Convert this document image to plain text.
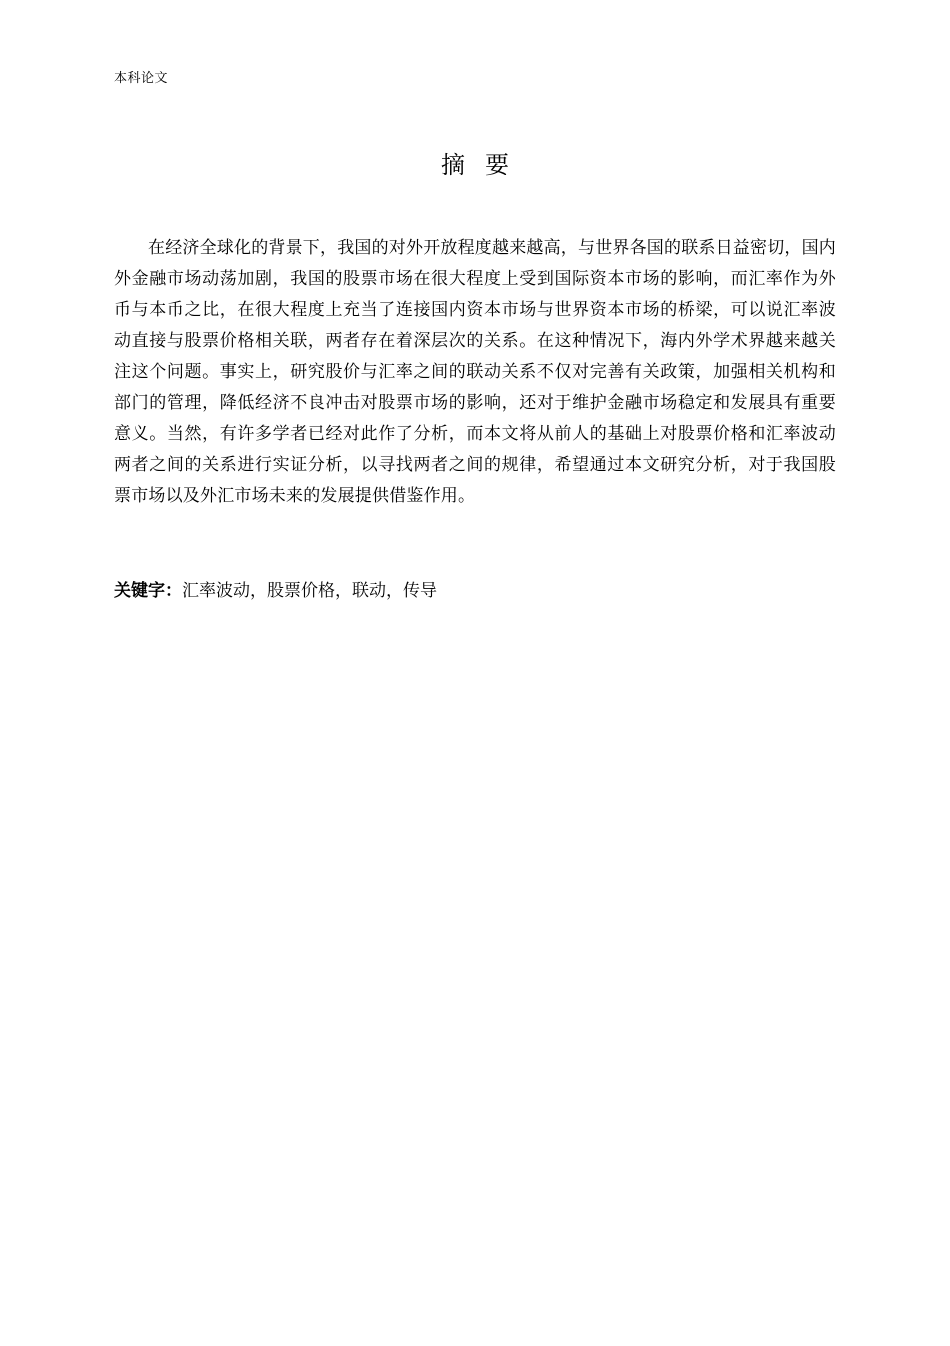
本科论文
摘要

在经济全球化的背景下，我国的对外开放程度越来越高，与世界各国的联系日益密切，国内外金融市场动荡加剧，我国的股票市场在很大程度上受到国际资本市场的影响，而汇率作为外币与本币之比，在很大程度上充当了连接国内资本市场与世界资本市场的桥梁，可以说汇率波动直接与股票价格相关联，两者存在着深层次的关系。在这种情况下，海内外学术界越来越关注这个问题。事实上，研究股价与汇率之间的联动关系不仅对完善有关政策，加强相关机构和部门的管理，降低经济不良冲击对股票市场的影响，还对于维护金融市场稳定和发展具有重要意义。当然，有许多学者已经对此作了分析，而本文将从前人的基础上对股票价格和汇率波动两者之间的关系进行实证分析，以寻找两者之间的规律，希望通过本文研究分析，对于我国股票市场以及外汇市场未来的发展提供借鉴作用。

关键字：汇率波动，股票价格，联动，传导
